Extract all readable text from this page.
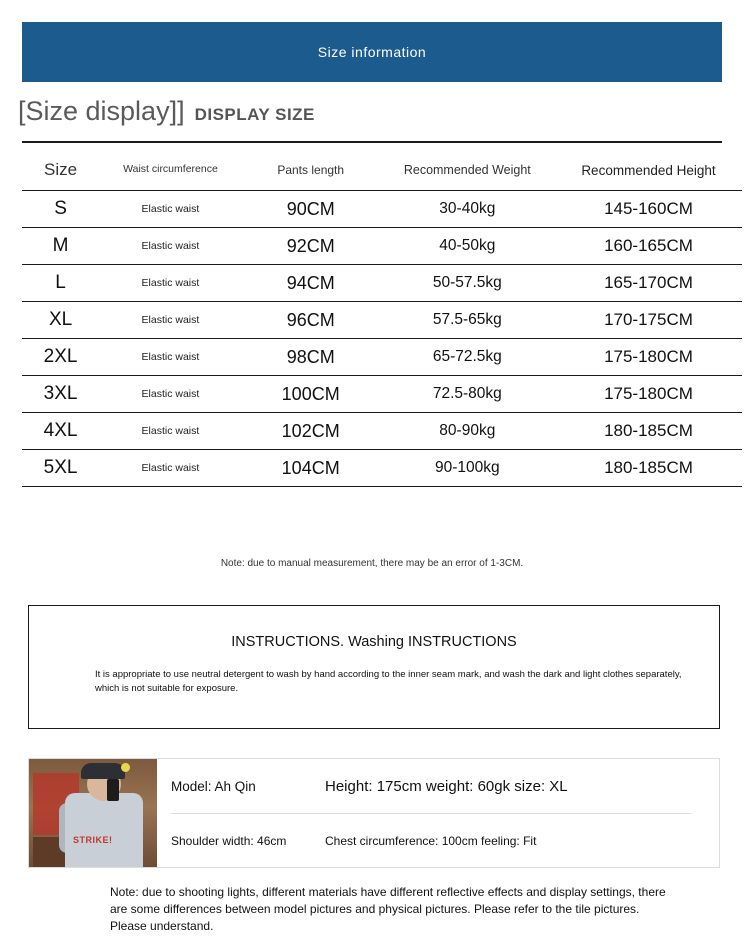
Size information
[Size display]] DISPLAY SIZE
Size	Waist circumference	Pants length	Recommended Weight	Recommended Height
S	Elastic waist	90CM	30-40kg	145-160CM
M	Elastic waist	92CM	40-50kg	160-165CM
L	Elastic waist	94CM	50-57.5kg	165-170CM
XL	Elastic waist	96CM	57.5-65kg	170-175CM
2XL	Elastic waist	98CM	65-72.5kg	175-180CM
3XL	Elastic waist	100CM	72.5-80kg	175-180CM
4XL	Elastic waist	102CM	80-90kg	180-185CM
5XL	Elastic waist	104CM	90-100kg	180-185CM
Note: due to manual measurement, there may be an error of 1-3CM.
INSTRUCTIONS. Washing INSTRUCTIONS
It is appropriate to use neutral detergent to wash by hand according to the inner seam mark, and wash the dark and light clothes separately, which is not suitable for exposure.
STRIKE!
Model: Ah Qin	Height: 175cm weight: 60gk size: XL
Shoulder width: 46cm	Chest circumference: 100cm feeling: Fit
Note: due to shooting lights, different materials have different reflective effects and display settings, there are some differences between model pictures and physical pictures. Please refer to the tile pictures. Please understand.
